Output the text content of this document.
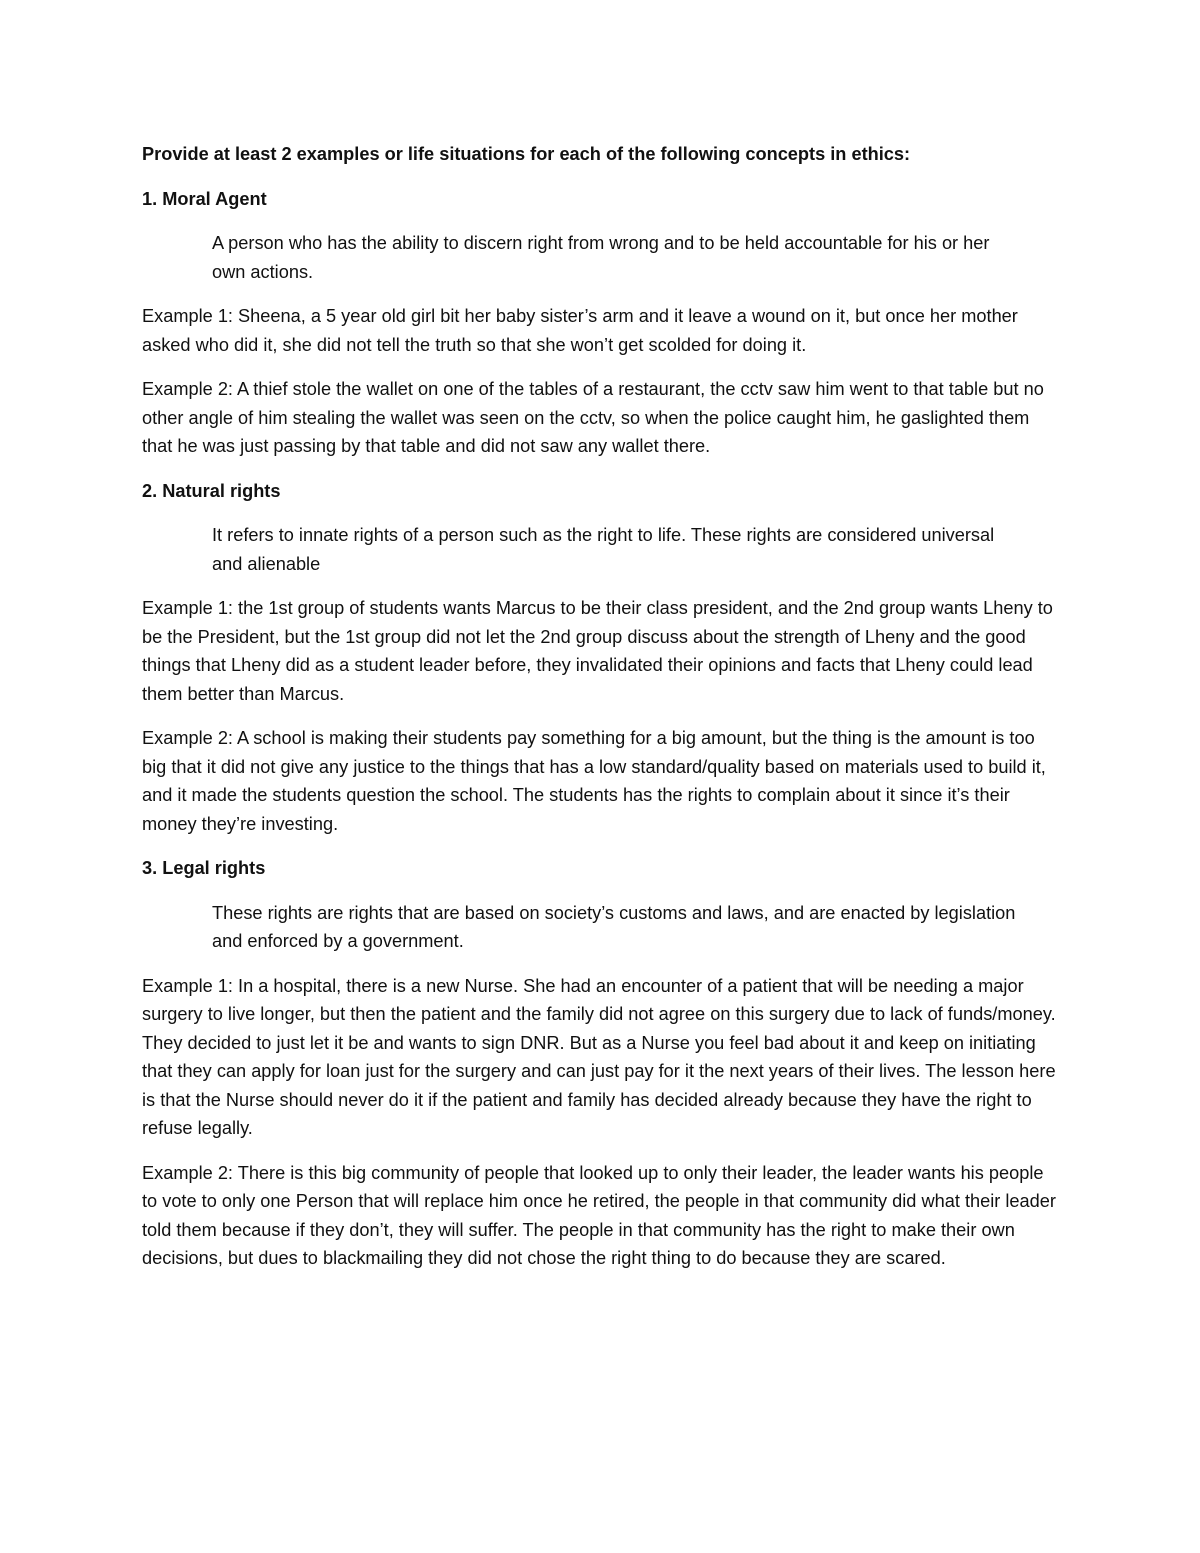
Provide at least 2 examples or life situations for each of the following concepts in ethics:

1. Moral Agent

A person who has the ability to discern right from wrong and to be held accountable for his or her own actions.

Example 1: Sheena, a 5 year old girl bit her baby sister’s arm and it leave a wound on it, but once her mother asked who did it, she did not tell the truth so that she won’t get scolded for doing it.

Example 2: A thief stole the wallet on one of the tables of a restaurant, the cctv saw him went to that table but no other angle of him stealing the wallet was seen on the cctv, so when the police caught him, he gaslighted them that he was just passing by that table and did not saw any wallet there.

2. Natural rights

It refers to innate rights of a person such as the right to life. These rights are considered universal and alienable

Example 1: the 1st group of students wants Marcus to be their class president, and the 2nd group wants Lheny to be the President, but the 1st group did not let the 2nd group discuss about the strength of Lheny and the good things that Lheny did as a student leader before, they invalidated their opinions and facts that Lheny could lead them better than Marcus.

Example 2: A school is making their students pay something for a big amount, but the thing is the amount is too big that it did not give any justice to the things that has a low standard/quality based on materials used to build it, and it made the students question the school. The students has the rights to complain about it since it’s their money they’re investing.

3. Legal rights

These rights are rights that are based on society’s customs and laws, and are enacted by legislation and enforced by a government.

Example 1: In a hospital, there is a new Nurse. She had an encounter of a patient that will be needing a major surgery to live longer, but then the patient and the family did not agree on this surgery due to lack of funds/money. They decided to just let it be and wants to sign DNR. But as a Nurse you feel bad about it and keep on initiating that they can apply for loan just for the surgery and can just pay for it the next years of their lives. The lesson here is that the Nurse should never do it if the patient and family has decided already because they have the right to refuse legally.

Example 2: There is this big community of people that looked up to only their leader, the leader wants his people to vote to only one Person that will replace him once he retired, the people in that community did what their leader told them because if they don’t, they will suffer. The people in that community has the right to make their own decisions, but dues to blackmailing they did not chose the right thing to do because they are scared.
